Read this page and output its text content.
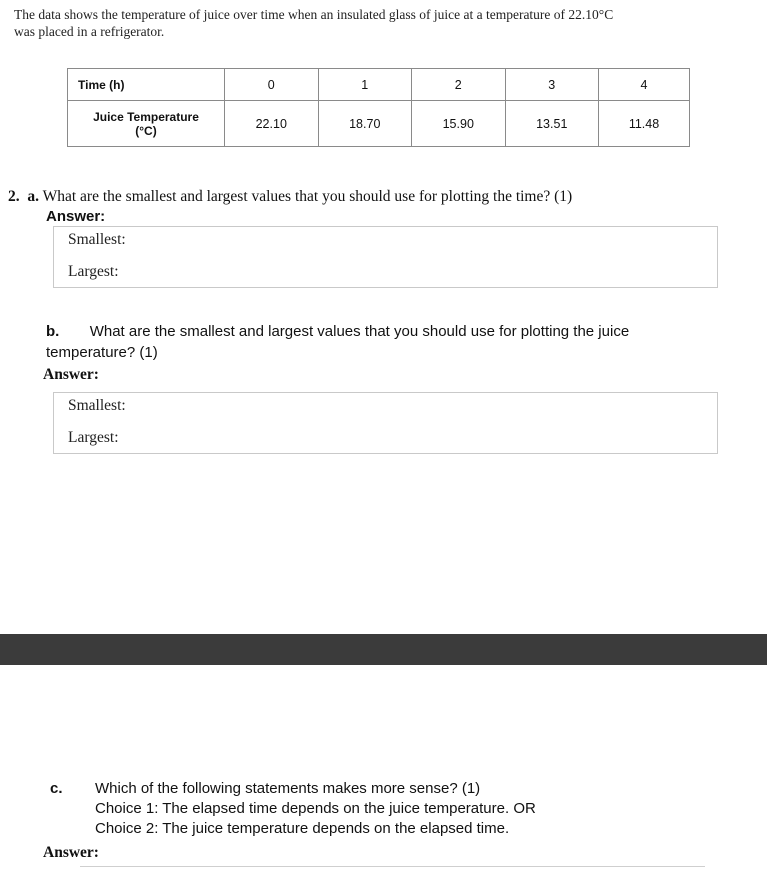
The data shows the temperature of juice over time when an insulated glass of juice at a temperature of 22.10°C
was placed in a refrigerator.
Time (h)	0	1	2	3	4

Juice Temperature
(°C)	22.10	18.70	15.90	13.51	11.48
2. a. What are the smallest and largest values that you should use for plotting the time? (1)
Answer:
Smallest:
Largest:
b. What are the smallest and largest values that you should use for plotting the juice
temperature? (1)
Answer:
Smallest:
Largest:
c. Which of the following statements makes more sense? (1)
Choice 1: The elapsed time depends on the juice temperature. OR
Choice 2: The juice temperature depends on the elapsed time.
Answer:
